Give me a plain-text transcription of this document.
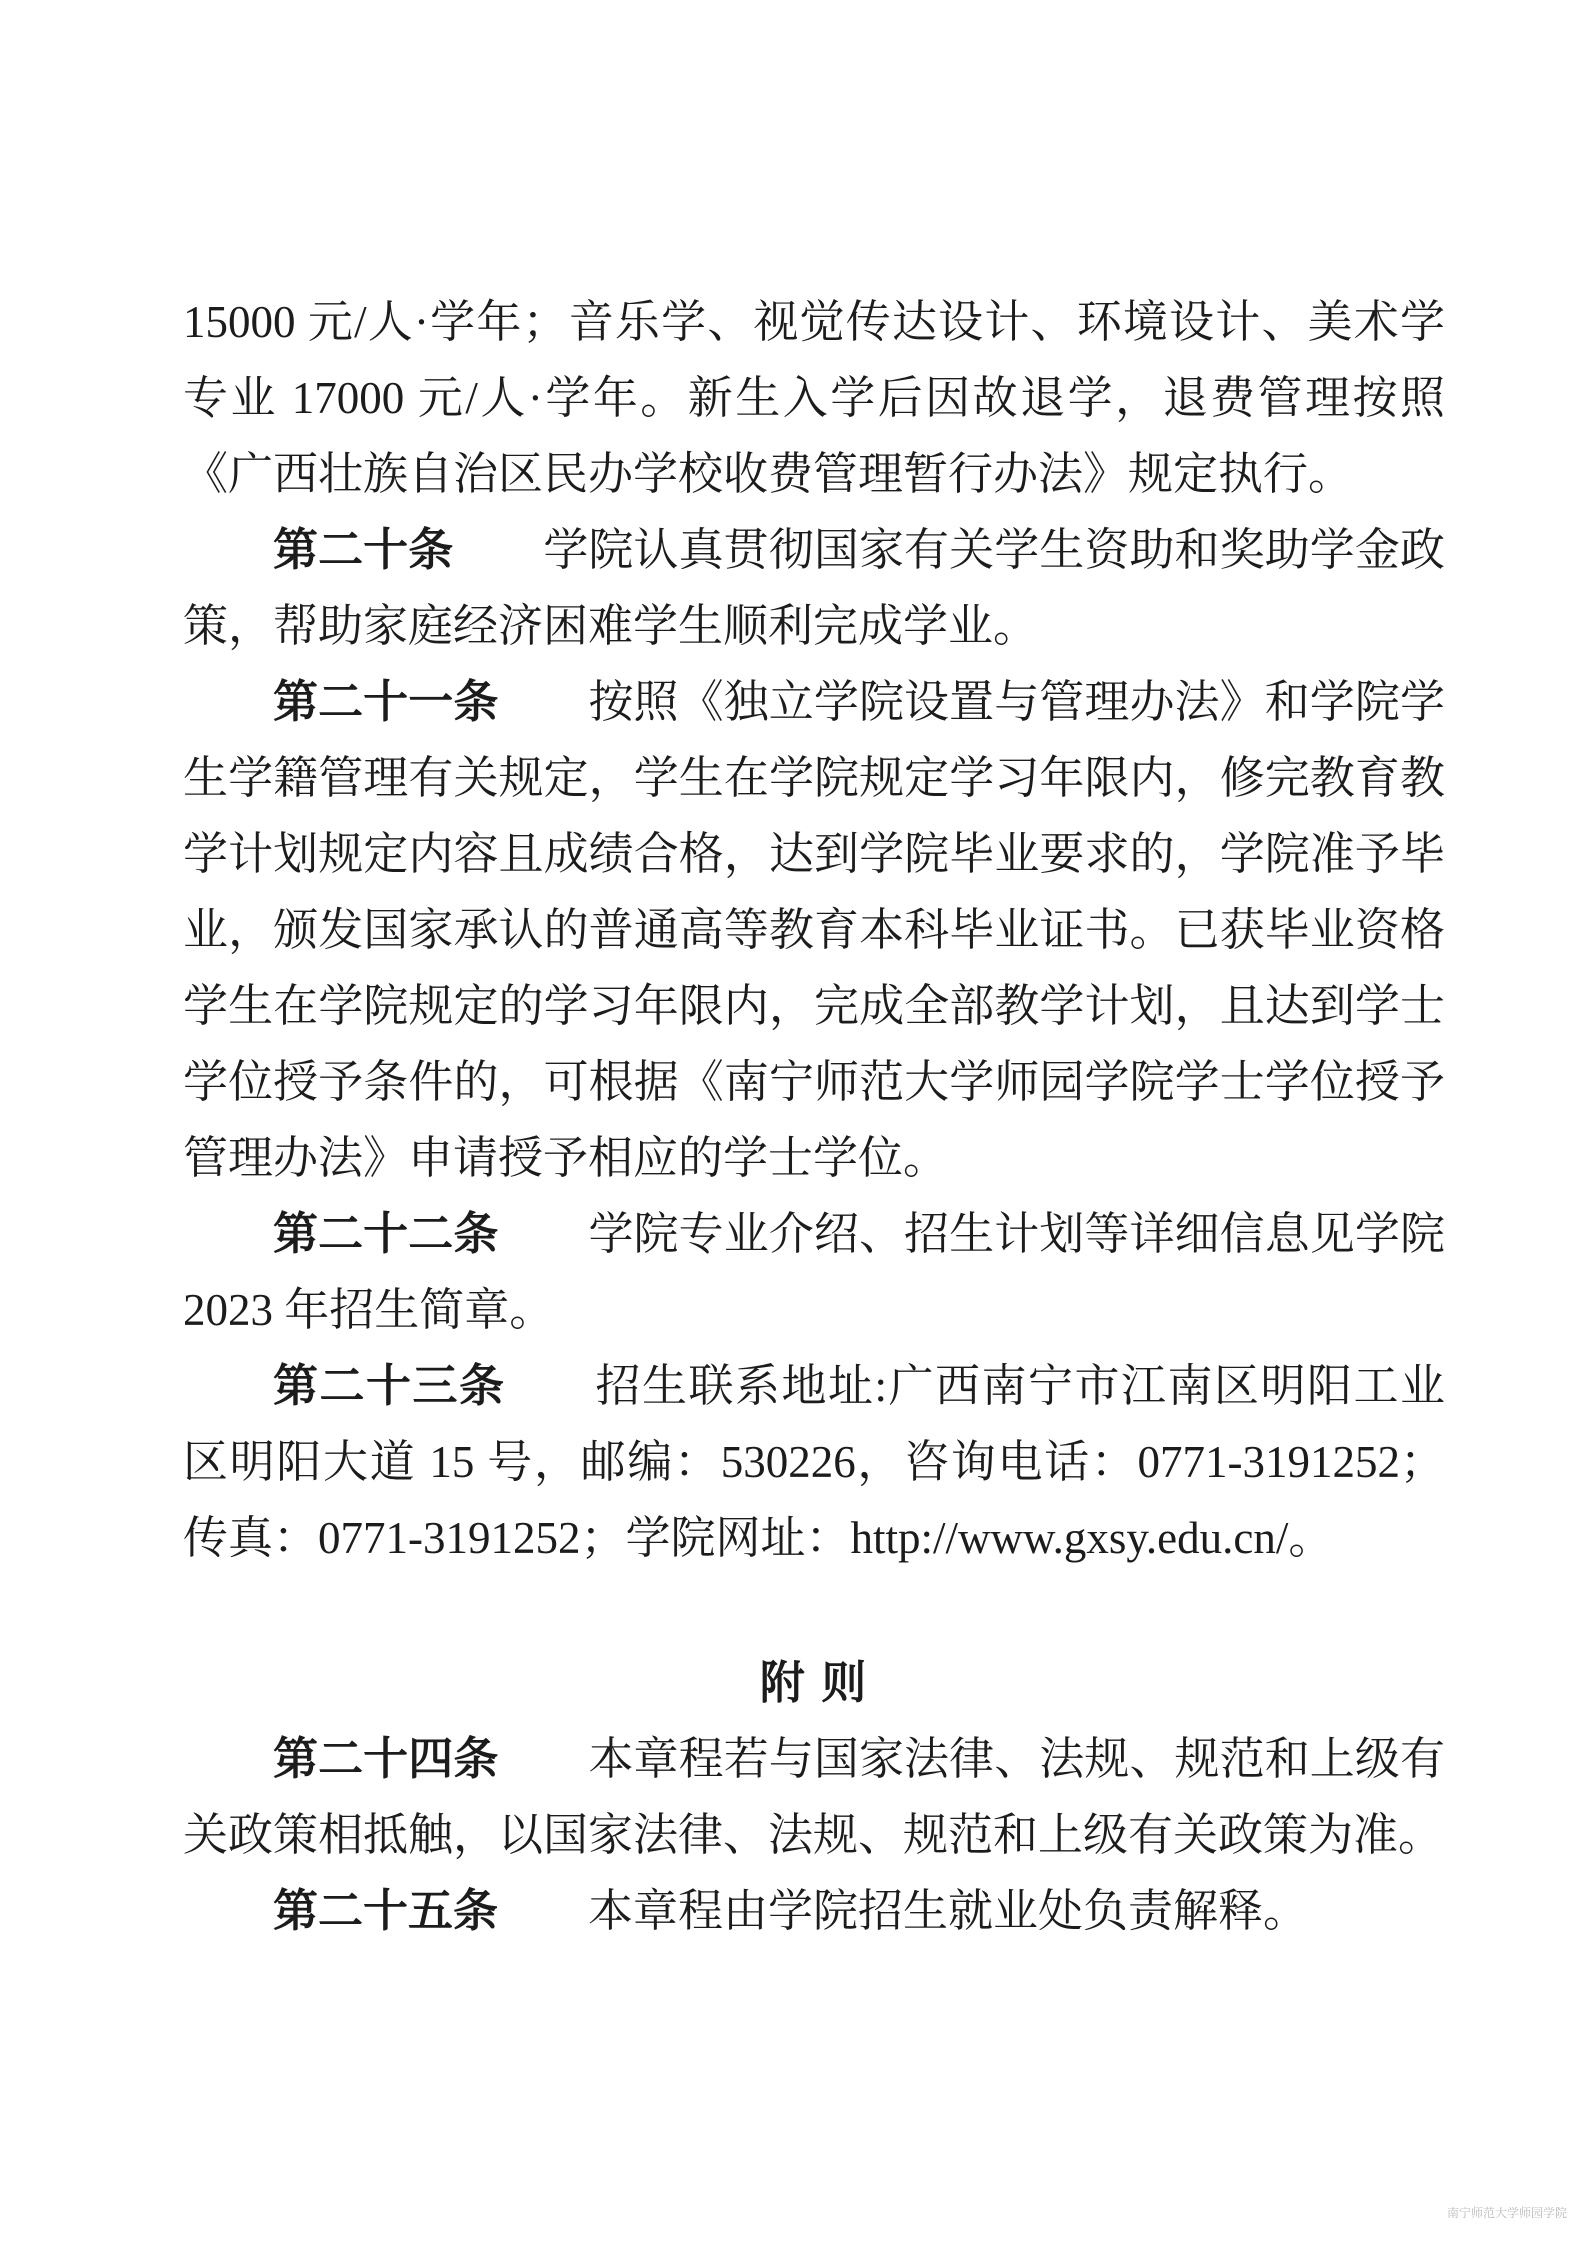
15000 元/人·学年；音乐学、视觉传达设计、环境设计、美术学专业 17000 元/人·学年。新生入学后因故退学，退费管理按照《广西壮族自治区民办学校收费管理暂行办法》规定执行。

第二十条 学院认真贯彻国家有关学生资助和奖助学金政策，帮助家庭经济困难学生顺利完成学业。

第二十一条 按照《独立学院设置与管理办法》和学院学生学籍管理有关规定，学生在学院规定学习年限内，修完教育教学计划规定内容且成绩合格，达到学院毕业要求的，学院准予毕业，颁发国家承认的普通高等教育本科毕业证书。已获毕业资格学生在学院规定的学习年限内，完成全部教学计划，且达到学士学位授予条件的，可根据《南宁师范大学师园学院学士学位授予管理办法》申请授予相应的学士学位。

第二十二条 学院专业介绍、招生计划等详细信息见学院 2023 年招生简章。

第二十三条 招生联系地址:广西南宁市江南区明阳工业区明阳大道 15 号，邮编：530226，咨询电话：0771-3191252；传真：0771-3191252；学院网址：http://www.gxsy.edu.cn/。

附 则

第二十四条 本章程若与国家法律、法规、规范和上级有关政策相抵触，以国家法律、法规、规范和上级有关政策为准。

第二十五条 本章程由学院招生就业处负责解释。

南宁师范大学师园学院
